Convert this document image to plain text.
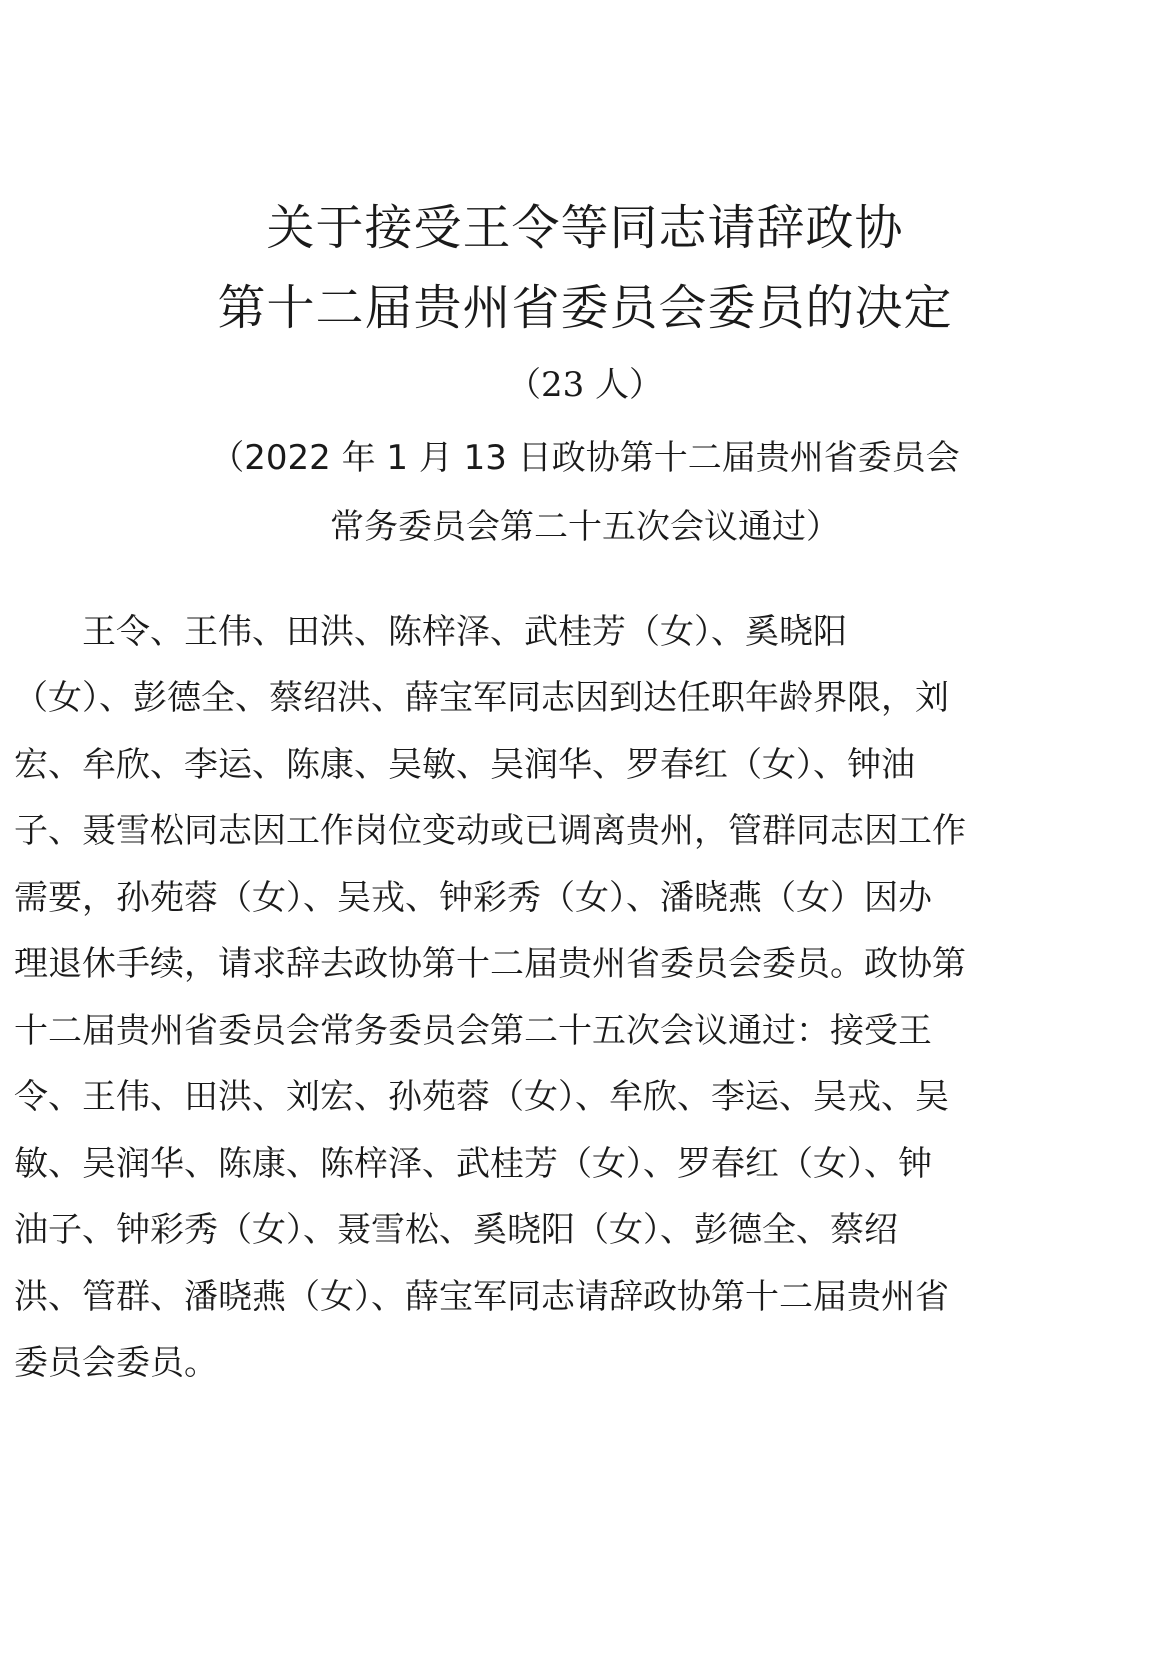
关于接受王令等同志请辞政协
第十二届贵州省委员会委员的决定
（23 人）
（2022 年 1 月 13 日政协第十二届贵州省委员会
常务委员会第二十五次会议通过）
　　王令、王伟、田洪、陈梓泽、武桂芳（女）、奚晓阳
（女）、彭德全、蔡绍洪、薛宝军同志因到达任职年龄界限，刘
宏、牟欣、李运、陈康、吴敏、吴润华、罗春红（女）、钟油
子、聂雪松同志因工作岗位变动或已调离贵州，管群同志因工作
需要，孙苑蓉（女）、吴戎、钟彩秀（女）、潘晓燕（女）因办
理退休手续，请求辞去政协第十二届贵州省委员会委员。政协第
十二届贵州省委员会常务委员会第二十五次会议通过：接受王
令、王伟、田洪、刘宏、孙苑蓉（女）、牟欣、李运、吴戎、吴
敏、吴润华、陈康、陈梓泽、武桂芳（女）、罗春红（女）、钟
油子、钟彩秀（女）、聂雪松、奚晓阳（女）、彭德全、蔡绍
洪、管群、潘晓燕（女）、薛宝军同志请辞政协第十二届贵州省
委员会委员。
